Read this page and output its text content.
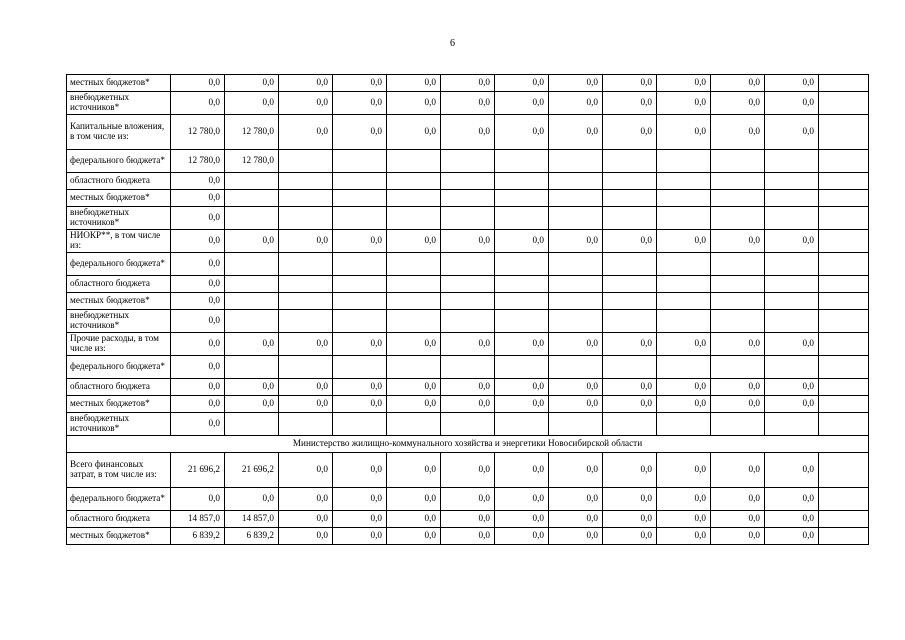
6
местных бюджетов*	0,0	0,0	0,0	0,0	0,0	0,0	0,0	0,0	0,0	0,0	0,0	0,0	
внебюджетных источников*	0,0	0,0	0,0	0,0	0,0	0,0	0,0	0,0	0,0	0,0	0,0	0,0	
Капитальные вложения, в том числе из:	12 780,0	12 780,0	0,0	0,0	0,0	0,0	0,0	0,0	0,0	0,0	0,0	0,0	
федерального бюджета*	12 780,0	12 780,0											
областного бюджета	0,0												
местных бюджетов*	0,0												
внебюджетных источников*	0,0												
НИОКР**, в том числе из:	0,0	0,0	0,0	0,0	0,0	0,0	0,0	0,0	0,0	0,0	0,0	0,0	
федерального бюджета*	0,0												
областного бюджета	0,0												
местных бюджетов*	0,0												
внебюджетных источников*	0,0												
Прочие расходы, в том числе из:	0,0	0,0	0,0	0,0	0,0	0,0	0,0	0,0	0,0	0,0	0,0	0,0	
федерального бюджета*	0,0												
областного бюджета	0,0	0,0	0,0	0,0	0,0	0,0	0,0	0,0	0,0	0,0	0,0	0,0	
местных бюджетов*	0,0	0,0	0,0	0,0	0,0	0,0	0,0	0,0	0,0	0,0	0,0	0,0	
внебюджетных источников*	0,0												
Министерство жилищно-коммунального хозяйства и энергетики Новосибирской области													
Всего финансовых затрат, в том числе из:	21 696,2	21 696,2	0,0	0,0	0,0	0,0	0,0	0,0	0,0	0,0	0,0	0,0	
федерального бюджета*	0,0	0,0	0,0	0,0	0,0	0,0	0,0	0,0	0,0	0,0	0,0	0,0	
областного бюджета	14 857,0	14 857,0	0,0	0,0	0,0	0,0	0,0	0,0	0,0	0,0	0,0	0,0	
местных бюджетов*	6 839,2	6 839,2	0,0	0,0	0,0	0,0	0,0	0,0	0,0	0,0	0,0	0,0	
